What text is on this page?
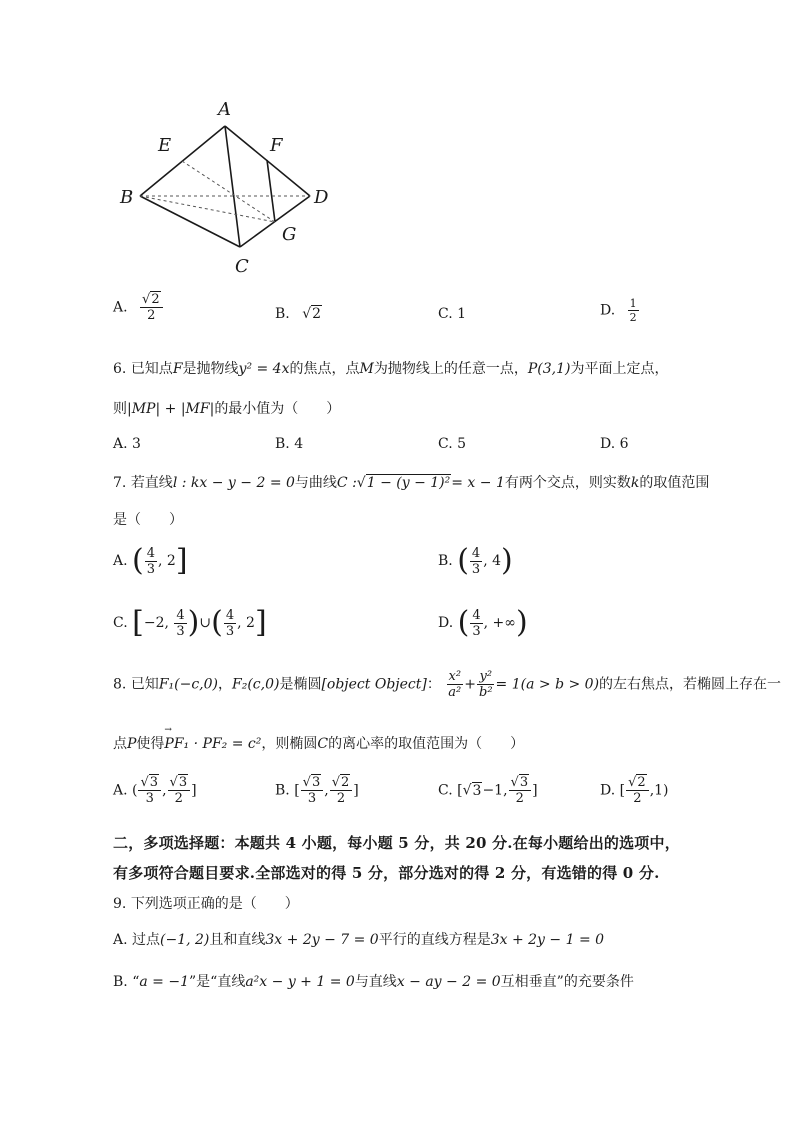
A
E	F
B	D
G
C
A. $\frac{√2}{2}$	B. √2	C. 1	D. $\frac{1}{2}$
6. 已知点F是抛物线y² = 4x的焦点，点M为抛物线上的任意一点，P(3,1)为平面上定点，
则|MP| + |MF|的最小值为（　　）
A. 3	B. 4	C. 5	D. 6
7. 若直线l : kx − y − 2 = 0与曲线C :√1 − (y − 1)²= x − 1有两个交点，则实数k的取值范围
是（　　）
A. ( $\frac{4}{3}$ , 2]	B. ( $\frac{4}{3}$ , 4)
C. [−2, $\frac{4}{3}$ )∪( $\frac{4}{3}$ , 2]	D. ( $\frac{4}{3}$ , +∞)
8. 已知F₁(−c,0)，F₂(c,0)是椭圆[object Object]： $\frac{\text{x²}}{\text{a²}} + \frac{\text{y²}}{\text{b²}} = 1(a > b > 0)$的左右焦点，若椭圆上存在一
点P使得→ PF₁ · PF₂ = c²，则椭圆C的离心率的取值范围为（　　）
A. ( $\frac{√3}{3}$ , $\frac{√3}{2}$ ]	B. [ $\frac{√3}{3}$ , $\frac{√2}{2}$ ]	C. [√3−1, $\frac{√3}{2}$ ]	D. [ $\frac{√2}{2} ,1$)
二，多项选择题：本题共 4 小题，每小题 5 分，共 20 分.在每小题给出的选项中，
有多项符合题目要求.全部选对的得 5 分，部分选对的得 2 分，有选错的得 0 分.
9. 下列选项正确的是（　　）
A. 过点(−1, 2)且和直线3x + 2y − 7 = 0平行的直线方程是3x + 2y − 1 = 0
B. “a = −1”是“直线a²x − y + 1 = 0与直线x − ay − 2 = 0互相垂直”的充要条件
